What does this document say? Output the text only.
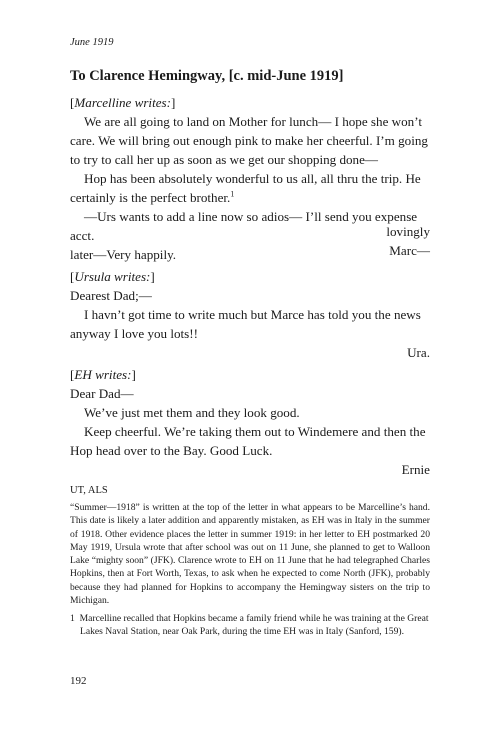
June 1919
To Clarence Hemingway, [c. mid-June 1919]

[Marcelline writes:]

We are all going to land on Mother for lunch— I hope she won’t care. We will bring out enough pink to make her cheerful. I’m going to try to call her up as soon as we get our shopping done—

Hop has been absolutely wonderful to us all, all thru the trip. He certainly is the perfect brother.$^1$

—Urs wants to add a line now so adios— I’ll send you expense acct.

later—Very happily.

lovingly

Marc—

[Ursula writes:]

Dearest Dad;—

I havn’t got time to write much but Marce has told you the news anyway I love you lots!!

Ura.

[EH writes:]

Dear Dad—

We’ve just met them and they look good.

Keep cheerful. We’re taking them out to Windemere and then the Hop head over to the Bay. Good Luck.

Ernie

UT, ALS

“Summer—1918” is written at the top of the letter in what appears to be Marcelline’s hand. This date is likely a later addition and apparently mistaken, as EH was in Italy in the summer of 1918. Other evidence places the letter in summer 1919: in her letter to EH postmarked 20 May 1919, Ursula wrote that after school was out on 11 June, she planned to get to Walloon Lake “mighty soon” (JFK). Clarence wrote to EH on 11 June that he had telegraphed Charles Hopkins, then at Fort Worth, Texas, to ask when he expected to come North (JFK), probably because they had planned for Hopkins to accompany the Hemingway sisters on the trip to Michigan.

1 Marcelline recalled that Hopkins became a family friend while he was training at the Great Lakes Naval Station, near Oak Park, during the time EH was in Italy (Sanford, 159).

192
